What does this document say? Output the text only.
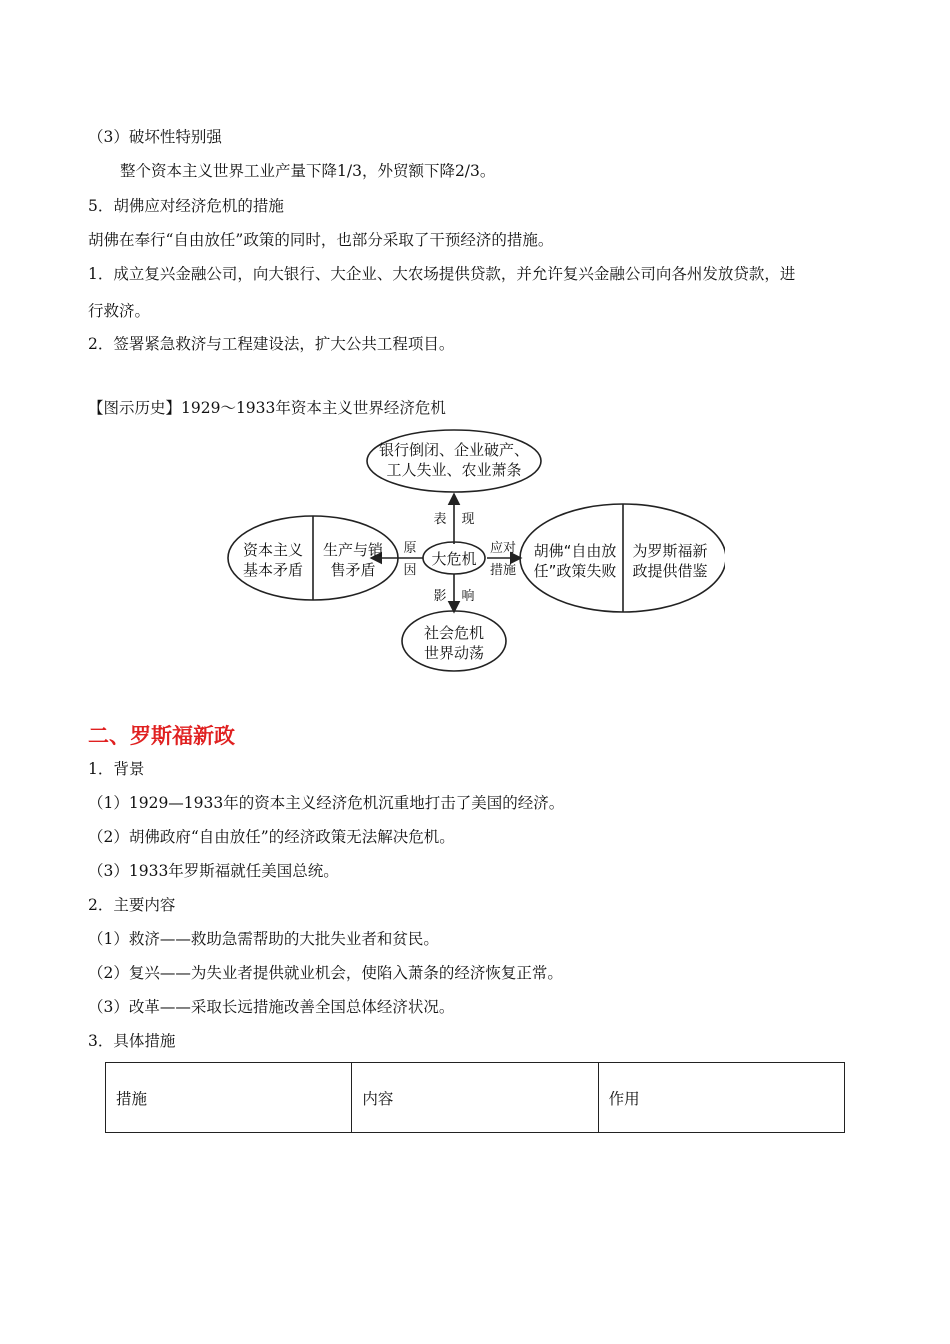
（3）破坏性特别强
整个资本主义世界工业产量下降1/3，外贸额下降2/3。
5．胡佛应对经济危机的措施
胡佛在奉行“自由放任”政策的同时，也部分采取了干预经济的措施。
1．成立复兴金融公司，向大银行、大企业、大农场提供贷款，并允许复兴金融公司向各州发放贷款，进
行救济。
2．签署紧急救济与工程建设法，扩大公共工程项目。
【图示历史】1929～1933年资本主义世界经济危机
银行倒闭、企业破产、
工人失业、农业萧条
大危机
资本主义
基本矛盾
生产与销
售矛盾
胡佛“自由放
任”政策失败
为罗斯福新
政提供借鉴
社会危机
世界动荡
表 现
原
因
应对
措施
影 响
二、罗斯福新政
1．背景
（1）1929—1933年的资本主义经济危机沉重地打击了美国的经济。
（2）胡佛政府“自由放任”的经济政策无法解决危机。
（3）1933年罗斯福就任美国总统。
2．主要内容
（1）救济——救助急需帮助的大批失业者和贫民。
（2）复兴——为失业者提供就业机会，使陷入萧条的经济恢复正常。
（3）改革——采取长远措施改善全国总体经济状况。
3．具体措施
措施	内容	作用
